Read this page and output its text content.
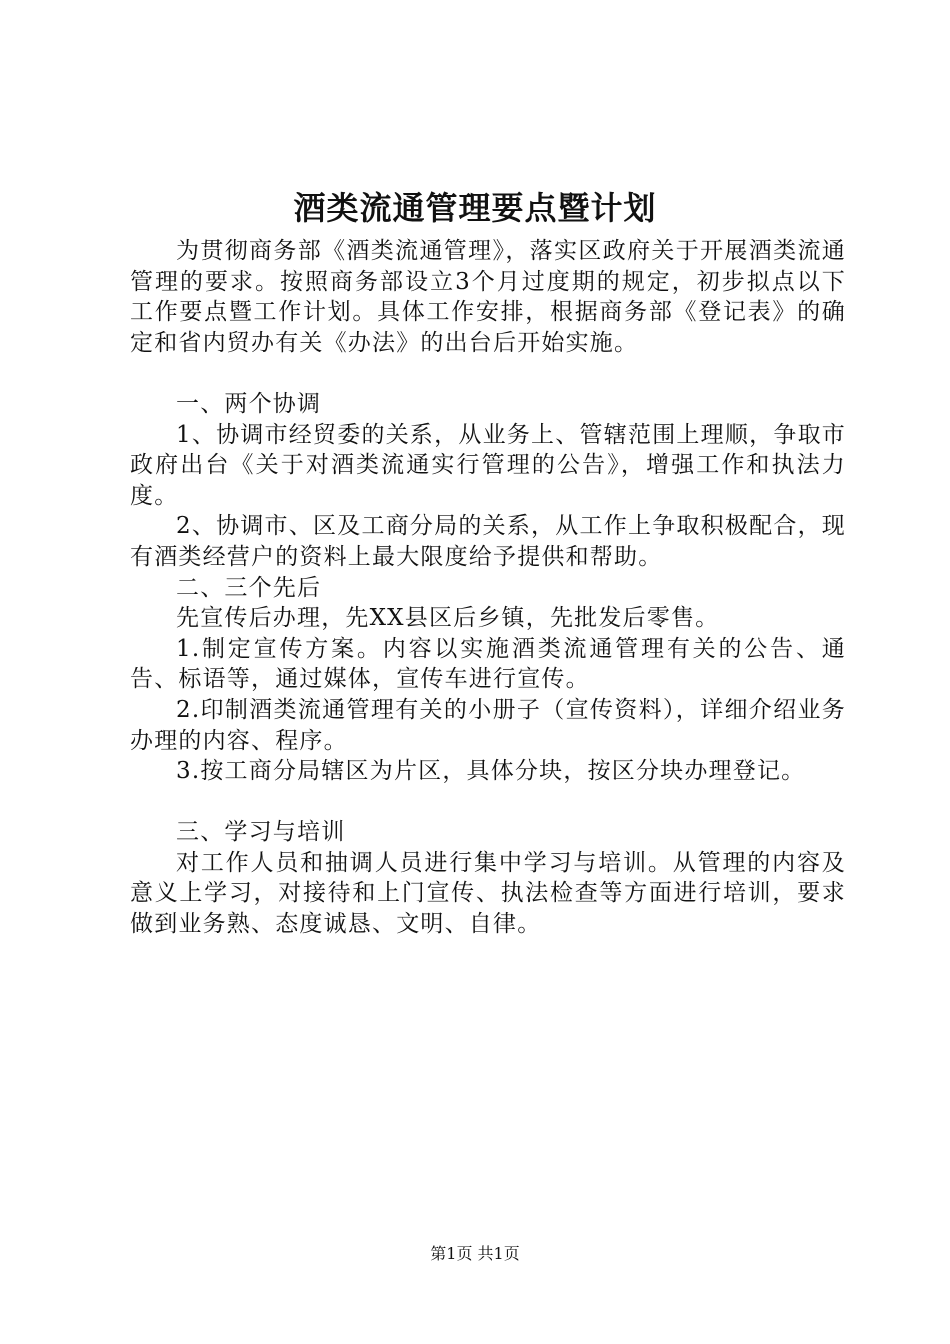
酒类流通管理要点暨计划

为贯彻商务部《酒类流通管理》，落实区政府关于开展酒类流通管理的要求。按照商务部设立3个月过度期的规定，初步拟点以下工作要点暨工作计划。具体工作安排，根据商务部《登记表》的确定和省内贸办有关《办法》的出台后开始实施。

一、两个协调

1、协调市经贸委的关系，从业务上、管辖范围上理顺，争取市政府出台《关于对酒类流通实行管理的公告》，增强工作和执法力度。

2、协调市、区及工商分局的关系，从工作上争取积极配合，现有酒类经营户的资料上最大限度给予提供和帮助。

二、三个先后

先宣传后办理，先XX县区后乡镇，先批发后零售。

1.制定宣传方案。内容以实施酒类流通管理有关的公告、通告、标语等，通过媒体，宣传车进行宣传。

2.印制酒类流通管理有关的小册子（宣传资料），详细介绍业务办理的内容、程序。

3.按工商分局辖区为片区，具体分块，按区分块办理登记。

三、学习与培训

对工作人员和抽调人员进行集中学习与培训。从管理的内容及意义上学习，对接待和上门宣传、执法检查等方面进行培训，要求做到业务熟、态度诚恳、文明、自律。

第1页 共1页
